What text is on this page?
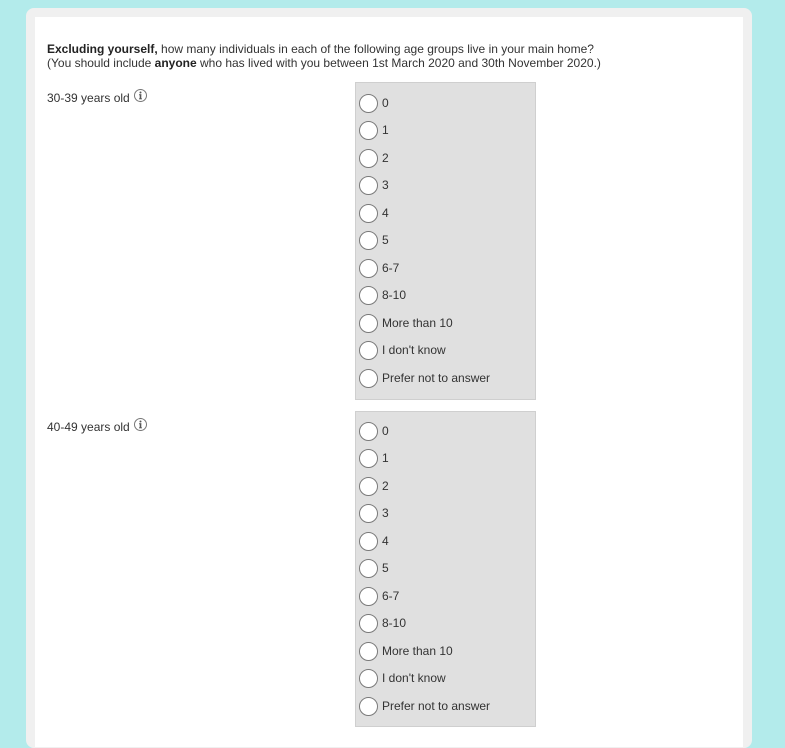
Excluding yourself, how many individuals in each of the following age groups live in your main home?
(You should include anyone who has lived with you between 1st March 2020 and 30th November 2020.)
30-39 years old	0
1
2
3
4
5
6-7
8-10
More than 10
I don't know
Prefer not to answer
40-49 years old	0
1
2
3
4
5
6-7
8-10
More than 10
I don't know
Prefer not to answer
